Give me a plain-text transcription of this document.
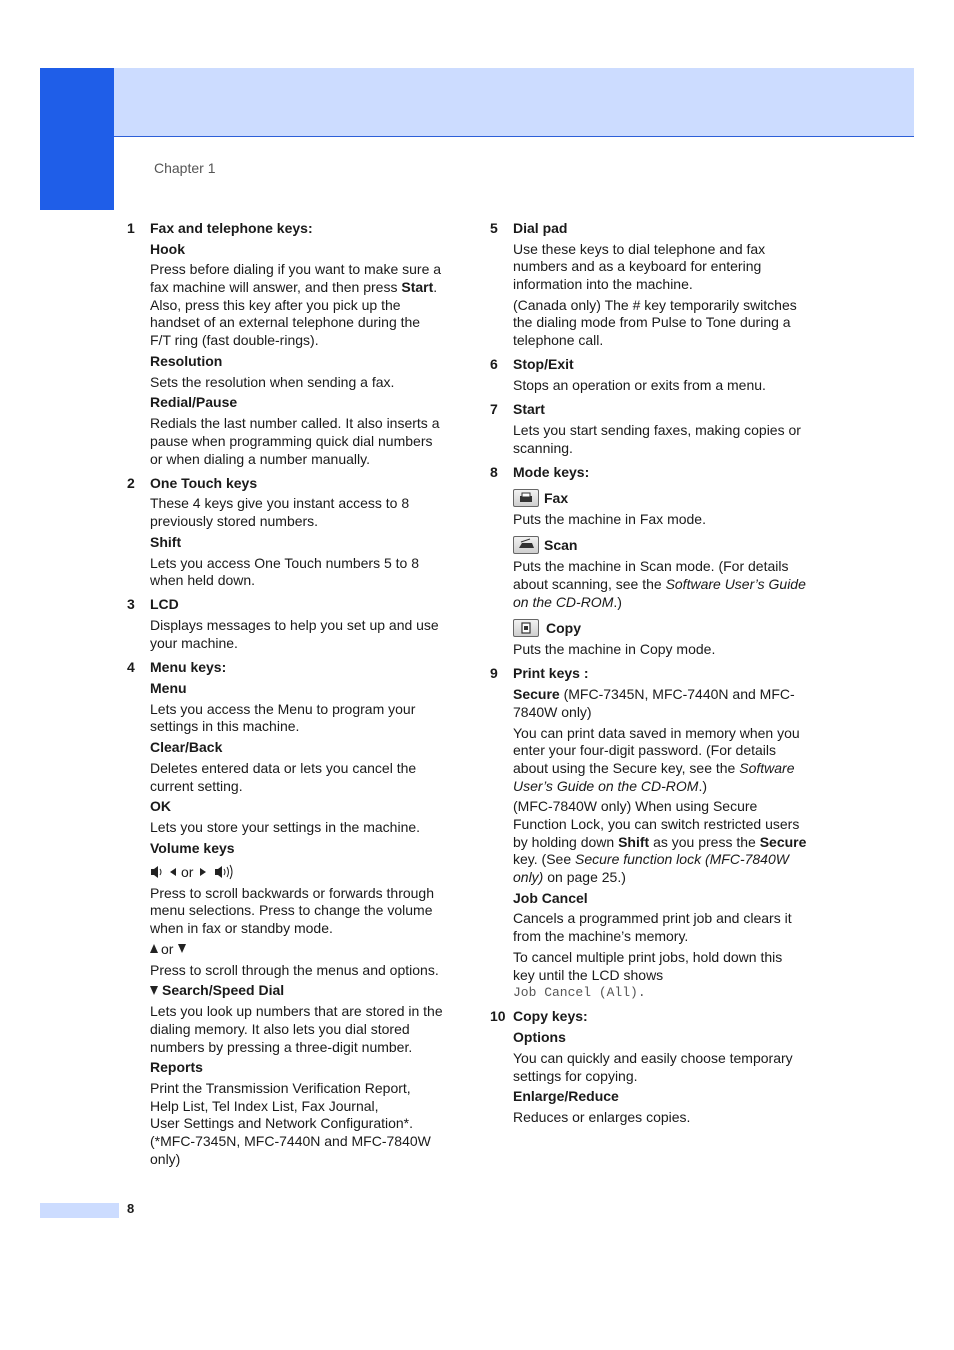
Chapter 1
1 Fax and telephone keys:
Hook
Press before dialing if you want to make sure a
fax machine will answer, and then press Start.
Also, press this key after you pick up the
handset of an external telephone during the
F/T ring (fast double-rings).
Resolution
Sets the resolution when sending a fax.
Redial/Pause
Redials the last number called. It also inserts a
pause when programming quick dial numbers
or when dialing a number manually.
2 One Touch keys
These 4 keys give you instant access to 8
previously stored numbers.
Shift
Lets you access One Touch numbers 5 to 8
when held down.
3 LCD
Displays messages to help you set up and use
your machine.
4 Menu keys:
Menu
Lets you access the Menu to program your
settings in this machine.
Clear/Back
Deletes entered data or lets you cancel the
current setting.
OK
Lets you store your settings in the machine.
Volume keys
or
Press to scroll backwards or forwards through
menu selections. Press to change the volume
when in fax or standby mode.
or
Press to scroll through the menus and options.
Search/Speed Dial
Lets you look up numbers that are stored in the
dialing memory. It also lets you dial stored
numbers by pressing a three-digit number.
Reports
Print the Transmission Verification Report,
Help List, Tel Index List, Fax Journal,
User Settings and Network Configuration*.
(*MFC-7345N, MFC-7440N and MFC-7840W
only)
5 Dial pad
Use these keys to dial telephone and fax
numbers and as a keyboard for entering
information into the machine.
(Canada only) The # key temporarily switches
the dialing mode from Pulse to Tone during a
telephone call.
6 Stop/Exit
Stops an operation or exits from a menu.
7 Start
Lets you start sending faxes, making copies or
scanning.
8 Mode keys:
Fax
Puts the machine in Fax mode.
Scan
Puts the machine in Scan mode. (For details
about scanning, see the Software User’s Guide
on the CD-ROM.)
Copy
Puts the machine in Copy mode.
9 Print keys :
Secure (MFC-7345N, MFC-7440N and MFC-
7840W only)
You can print data saved in memory when you
enter your four-digit password. (For details
about using the Secure key, see the Software
User’s Guide on the CD-ROM.)
(MFC-7840W only) When using Secure
Function Lock, you can switch restricted users
by holding down Shift as you press the Secure
key. (See Secure function lock (MFC-7840W
only) on page 25.)
Job Cancel
Cancels a programmed print job and clears it
from the machine’s memory.
To cancel multiple print jobs, hold down this
key until the LCD shows
Job Cancel (All).
10 Copy keys:
Options
You can quickly and easily choose temporary
settings for copying.
Enlarge/Reduce
Reduces or enlarges copies.
8
